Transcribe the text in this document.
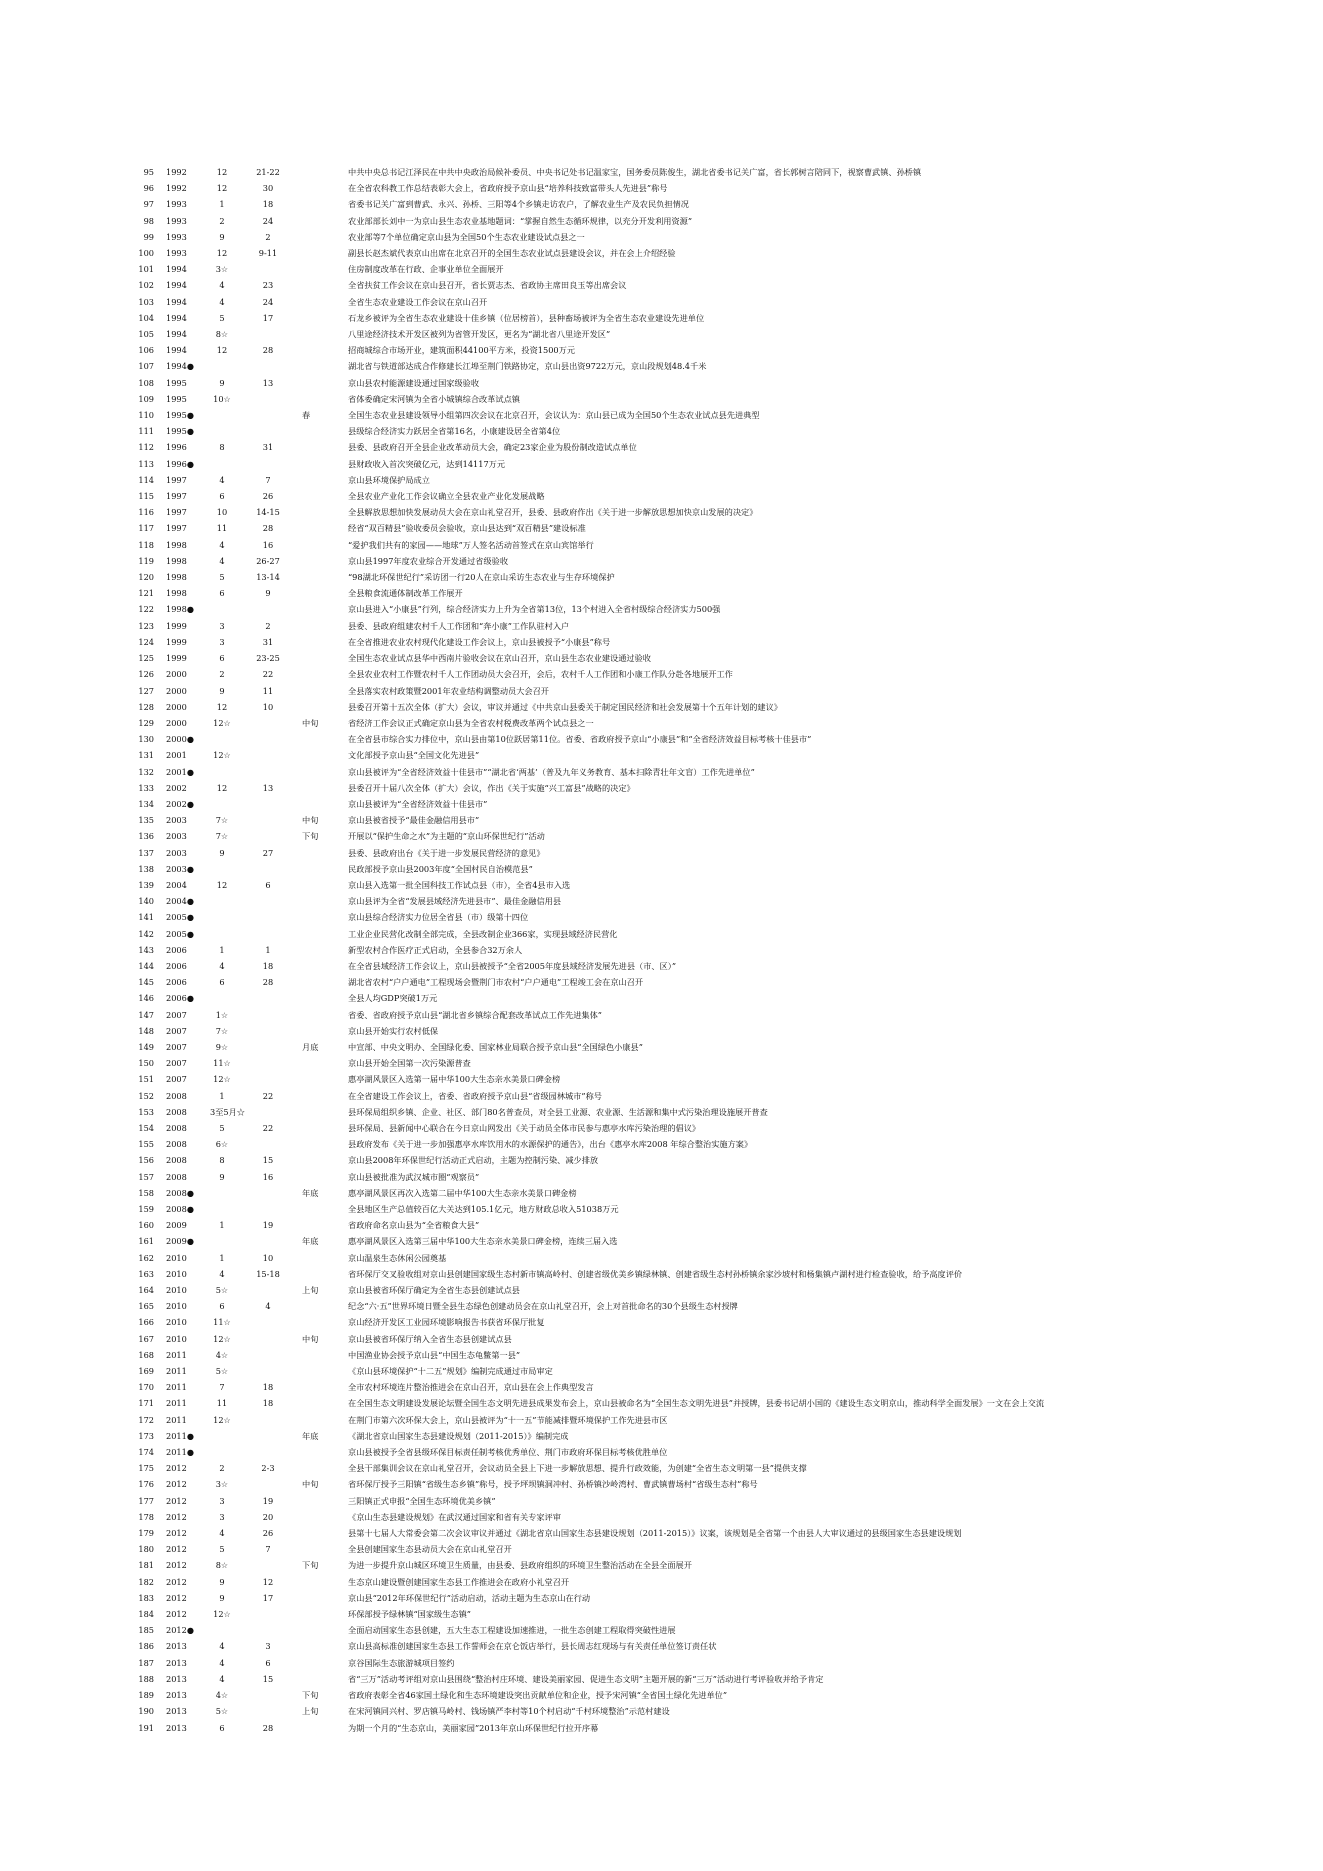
95 1992	12	21-22	中共中央总书记江泽民在中共中央政治局候补委员、中央书记处书记温家宝，国务委员陈俊生，湖北省委书记关广富，省长郭树言陪同下，视察曹武镇、孙桥镇
96 1992	12	30	在全省农科教工作总结表彰大会上，省政府授予京山县“培养科技致富带头人先进县”称号
97 1993	1	18	省委书记关广富到曹武、永兴、孙桥、三阳等4个乡镇走访农户，了解农业生产及农民负担情况
98 1993	2	24	农业部部长刘中一为京山县生态农业基地题词：“掌握自然生态循环规律，以充分开发利用资源”
99 1993	9	2	农业部等7个单位确定京山县为全国50个生态农业建设试点县之一
100 1993	12	9-11	副县长赵杰斌代表京山出席在北京召开的全国生态农业试点县建设会议，并在会上介绍经验
101 1994	3☆	住房制度改革在行政、企事业单位全面展开
102 1994	4	23	全省扶贫工作会议在京山县召开，省长贾志杰、省政协主席田良玉等出席会议
103 1994	4	24	全省生态农业建设工作会议在京山召开
104 1994	5	17	石龙乡被评为全省生态农业建设十佳乡镇（位居榜首），县种畜场被评为全省生态农业建设先进单位
105 1994	8☆	八里途经济技术开发区被列为省管开发区，更名为“湖北省八里途开发区”
106 1994	12	28	招商城综合市场开业，建筑面积44100平方米，投资1500万元
107 1994●	湖北省与铁道部达成合作修建长江埠至荆门铁路协定，京山县出资9722万元，京山段规划48.4千米
108 1995	9	13	京山县农村能源建设通过国家级验收
109 1995	10☆	省体委确定宋河镇为全省小城镇综合改革试点镇
110 1995●	春	全国生态农业县建设领导小组第四次会议在北京召开，会议认为：京山县已成为全国50个生态农业试点县先进典型
111 1995●	县级综合经济实力跃居全省第16名，小康建设居全省第4位
112 1996	8	31	县委、县政府召开全县企业改革动员大会，确定23家企业为股份制改造试点单位
113 1996●	县财政收入首次突破亿元，达到14117万元
114 1997	4	7	京山县环境保护局成立
115 1997	6	26	全县农业产业化工作会议确立全县农业产业化发展战略
116 1997	10	14-15	全县解放思想加快发展动员大会在京山礼堂召开，县委、县政府作出《关于进一步解放思想加快京山发展的决定》
117 1997	11	28	经省“双百精县”验收委员会验收，京山县达到“双百精县”建设标准
118 1998	4	16	“爱护我们共有的家园——地球”万人签名活动首签式在京山宾馆举行
119 1998	4	26-27	京山县1997年度农业综合开发通过省级验收
120 1998	5	13-14	“98湖北环保世纪行”采访团一行20人在京山采访生态农业与生存环境保护
121 1998	6	9	全县粮食流通体制改革工作展开
122 1998●	京山县进入“小康县”行列，综合经济实力上升为全省第13位，13个村进入全省村级综合经济实力500强
123 1999	3	2	县委、县政府组建农村千人工作团和“奔小康”工作队驻村入户
124 1999	3	31	在全省推进农业农村现代化建设工作会议上，京山县被授予“小康县”称号
125 1999	6	23-25	全国生态农业试点县华中西南片验收会议在京山召开，京山县生态农业建设通过验收
126 2000	2	22	全县农业农村工作暨农村千人工作团动员大会召开，会后，农村千人工作团和小康工作队分赴各地展开工作
127 2000	9	11	全县落实农村政策暨2001年农业结构调整动员大会召开
128 2000	12	10	县委召开第十五次全体（扩大）会议，审议并通过《中共京山县委关于制定国民经济和社会发展第十个五年计划的建议》
129 2000	12☆	中旬	省经济工作会议正式确定京山县为全省农村税费改革两个试点县之一
130 2000●	在全省县市综合实力排位中，京山县由第10位跃居第11位。省委、省政府授予京山“小康县”和“全省经济效益目标考核十佳县市”
131 2001	12☆	文化部授予京山县“全国文化先进县”
132 2001●	京山县被评为“全省经济效益十佳县市”“湖北省‘两基’（普及九年义务教育、基本扫除青壮年文盲）工作先进单位”
133 2002	12	13	县委召开十届八次全体（扩大）会议，作出《关于实施“兴工富县”战略的决定》
134 2002●	京山县被评为“全省经济效益十佳县市”
135 2003	7☆	中旬	京山县被省授予“最佳金融信用县市”
136 2003	7☆	下旬	开展以“保护生命之水”为主题的“京山环保世纪行”活动
137 2003	9	27	县委、县政府出台《关于进一步发展民营经济的意见》
138 2003●	民政部授予京山县2003年度“全国村民自治模范县”
139 2004	12	6	京山县入选第一批全国科技工作试点县（市），全省4县市入选
140 2004●	京山县评为全省“发展县域经济先进县市”、最佳金融信用县
141 2005●	京山县综合经济实力位居全省县（市）级第十四位
142 2005●	工业企业民营化改制全部完成，全县改制企业366家，实现县域经济民营化
143 2006	1	1	新型农村合作医疗正式启动，全县参合32万余人
144 2006	4	18	在全省县域经济工作会议上，京山县被授予“全省2005年度县域经济发展先进县（市、区）”
145 2006	6	28	湖北省农村“户户通电”工程现场会暨荆门市农村“户户通电”工程竣工会在京山召开
146 2006●	全县人均GDP突破1万元
147 2007	1☆	省委、省政府授予京山县“湖北省乡镇综合配套改革试点工作先进集体”
148 2007	7☆	京山县开始实行农村低保
149 2007	9☆	月底	中宣部、中央文明办、全国绿化委、国家林业局联合授予京山县“全国绿色小康县”
150 2007	11☆	京山县开始全国第一次污染源普查
151 2007	12☆	惠亭湖风景区入选第一届中华100大生态亲水美景口碑金榜
152 2008	1	22	在全省建设工作会议上，省委、省政府授予京山县“省级园林城市”称号
153 2008	3至5月☆	县环保局组织乡镇、企业、社区、部门80名普查员，对全县工业源、农业源、生活源和集中式污染治理设施展开普查
154 2008	5	22	县环保局、县新闻中心联合在今日京山网发出《关于动员全体市民参与惠亭水库污染治理的倡议》
155 2008	6☆	县政府发布《关于进一步加强惠亭水库饮用水的水源保护的通告》，出台《惠亭水库2008 年综合整治实施方案》
156 2008	8	15	京山县2008年环保世纪行活动正式启动，主题为控制污染、减少排放
157 2008	9	16	京山县被批准为武汉城市圈“观察员”
158 2008●	年底	惠亭湖风景区再次入选第二届中华100大生态亲水美景口碑金榜
159 2008●	全县地区生产总值较百亿大关达到105.1亿元，地方财政总收入51038万元
160 2009	1	19	省政府命名京山县为“全省粮食大县”
161 2009●	年底	惠亭湖风景区入选第三届中华100大生态亲水美景口碑金榜，连续三届入选
162 2010	1	10	京山温泉生态休闲公园奠基
163 2010	4	15-18	省环保厅交叉验收组对京山县创建国家级生态村新市镇高岭村、创建省级优美乡镇绿林镇、创建省级生态村孙桥镇余家沙坡村和杨集镇卢湖村进行检查验收，给予高度评价
164 2010	5☆	上旬	京山县被省环保厅确定为全省生态县创建试点县
165 2010	6	4	纪念“六·五”世界环境日暨全县生态绿色创建动员会在京山礼堂召开，会上对首批命名的30个县级生态村授牌
166 2010	11☆	京山经济开发区工业园环境影响报告书获省环保厅批复
167 2010	12☆	中旬	京山县被省环保厅纳入全省生态县创建试点县
168 2011	4☆	中国渔业协会授予京山县“中国生态龟鳖第一县”
169 2011	5☆	《京山县环境保护“十二五”规划》编制完成通过市局审定
170 2011	7	18	全市农村环境连片整治推进会在京山召开，京山县在会上作典型发言
171 2011	11	18	在全国生态文明建设发展论坛暨全国生态文明先进县成果发布会上，京山县被命名为“全国生态文明先进县”并授牌，县委书记胡小国的《建设生态文明京山，推动科学全面发展》一文在会上交流
172 2011	12☆	在荆门市第六次环保大会上，京山县被评为“十一五”节能减排暨环境保护工作先进县市区
173 2011●	年底	《湖北省京山国家生态县建设规划（2011-2015）》编制完成
174 2011●	京山县被授予全省县级环保目标责任制考核优秀单位、荆门市政府环保目标考核优胜单位
175 2012	2	2-3	全县干部集训会议在京山礼堂召开，会议动员全县上下进一步解放思想、提升行政效能，为创建“全省生态文明第一县”提供支撑
176 2012	3☆	中旬	省环保厅授予三阳镇“省级生态乡镇”称号，授予坪坝镇洞冲村、孙桥镇沙岭湾村、曹武镇曹场村“省级生态村”称号
177 2012	3	19	三阳镇正式申报“全国生态环境优美乡镇”
178 2012	3	20	《京山生态县建设规划》在武汉通过国家和省有关专家评审
179 2012	4	26	县第十七届人大常委会第二次会议审议并通过《湖北省京山国家生态县建设规划（2011-2015）》议案，该规划是全省第一个由县人大审议通过的县级国家生态县建设规划
180 2012	5	7	全县创建国家生态县动员大会在京山礼堂召开
181 2012	8☆	下旬	为进一步提升京山城区环境卫生质量，由县委、县政府组织的环境卫生整治活动在全县全面展开
182 2012	9	12	生态京山建设暨创建国家生态县工作推进会在政府小礼堂召开
183 2012	9	17	京山县“2012年环保世纪行”活动启动，活动主题为生态京山在行动
184 2012	12☆	环保部授予绿林镇“国家级生态镇”
185 2012●	全面启动国家生态县创建，五大生态工程建设加速推进，一批生态创建工程取得突破性进展
186 2013	4	3	京山县高标准创建国家生态县工作誓师会在京仑饭店举行，县长周志红现场与有关责任单位签订责任状
187 2013	4	6	京谷国际生态旅游城项目签约
188 2013	4	15	省“三万”活动考评组对京山县围绕“整治村庄环境、建设美丽家园、促进生态文明”主题开展的新“三万”活动进行考评验收并给予肯定
189 2013	4☆	下旬	省政府表彰全省46家国土绿化和生态环境建设突出贡献单位和企业，授予宋河镇“全省国土绿化先进单位”
190 2013	5☆	上旬	在宋河镇同兴村、罗店镇马岭村、钱场镇严李村等10个村启动“千村环境整治”示范村建设
191 2013	6	28	为期一个月的“生态京山，美丽家园”2013年京山环保世纪行拉开序幕
